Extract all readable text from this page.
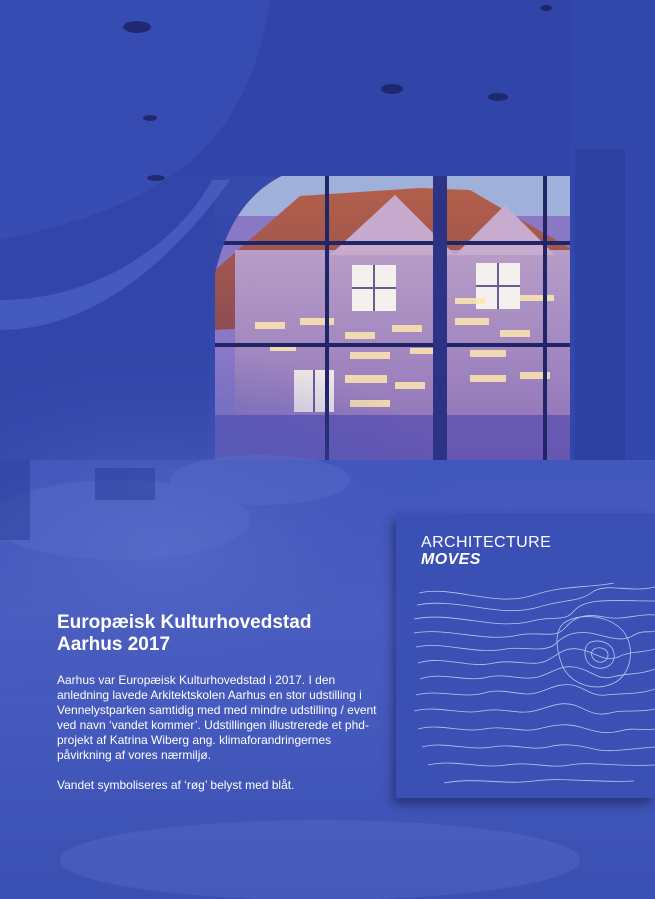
Europæisk Kulturhovedstad
Aarhus 2017

Aarhus var Europæisk Kulturhovedstad i 2017. I den anledning lavede Arkitektskolen Aarhus en stor udstilling i Vennelystparken samtidig med med mindre udstilling / event ved navn ‘vandet kommer’. Udstillingen illustrerede et phd-projekt af Katrina Wiberg ang. klimaforandringernes påvirkning af vores nærmiljø.

Vandet symboliseres af ‘røg’ belyst med blåt.

ARCHITECTURE
MOVES
